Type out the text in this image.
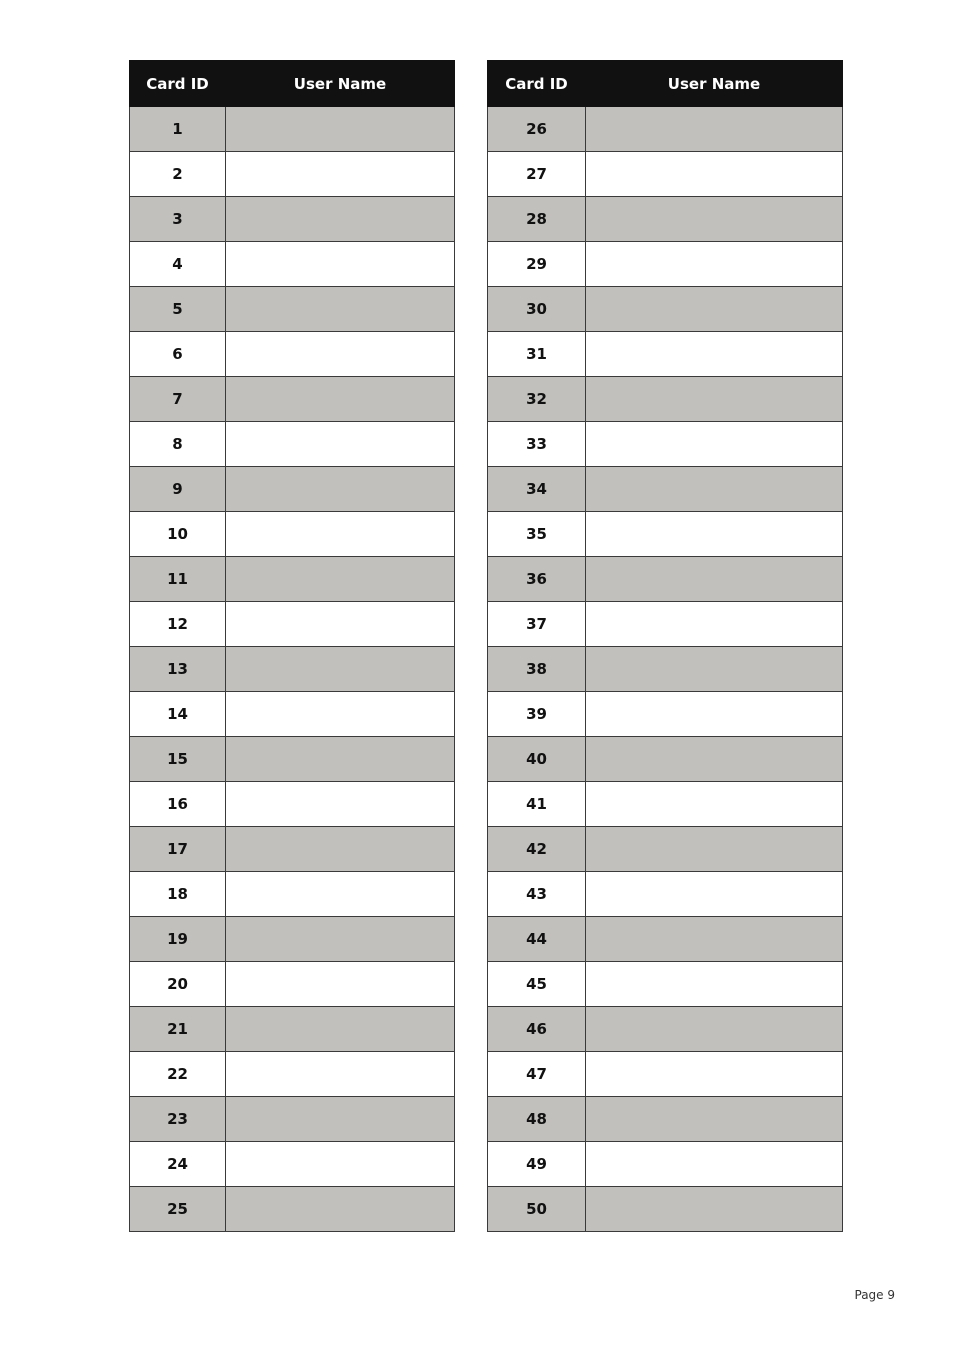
Card ID	User Name
1	
2	
3	
4	
5	
6	
7	
8	
9	
10	
11	
12	
13	
14	
15	
16	
17	
18	
19	
20	
21	
22	
23	
24	
25	
Card ID	User Name
26	
27	
28	
29	
30	
31	
32	
33	
34	
35	
36	
37	
38	
39	
40	
41	
42	
43	
44	
45	
46	
47	
48	
49	
50	
Page 9
